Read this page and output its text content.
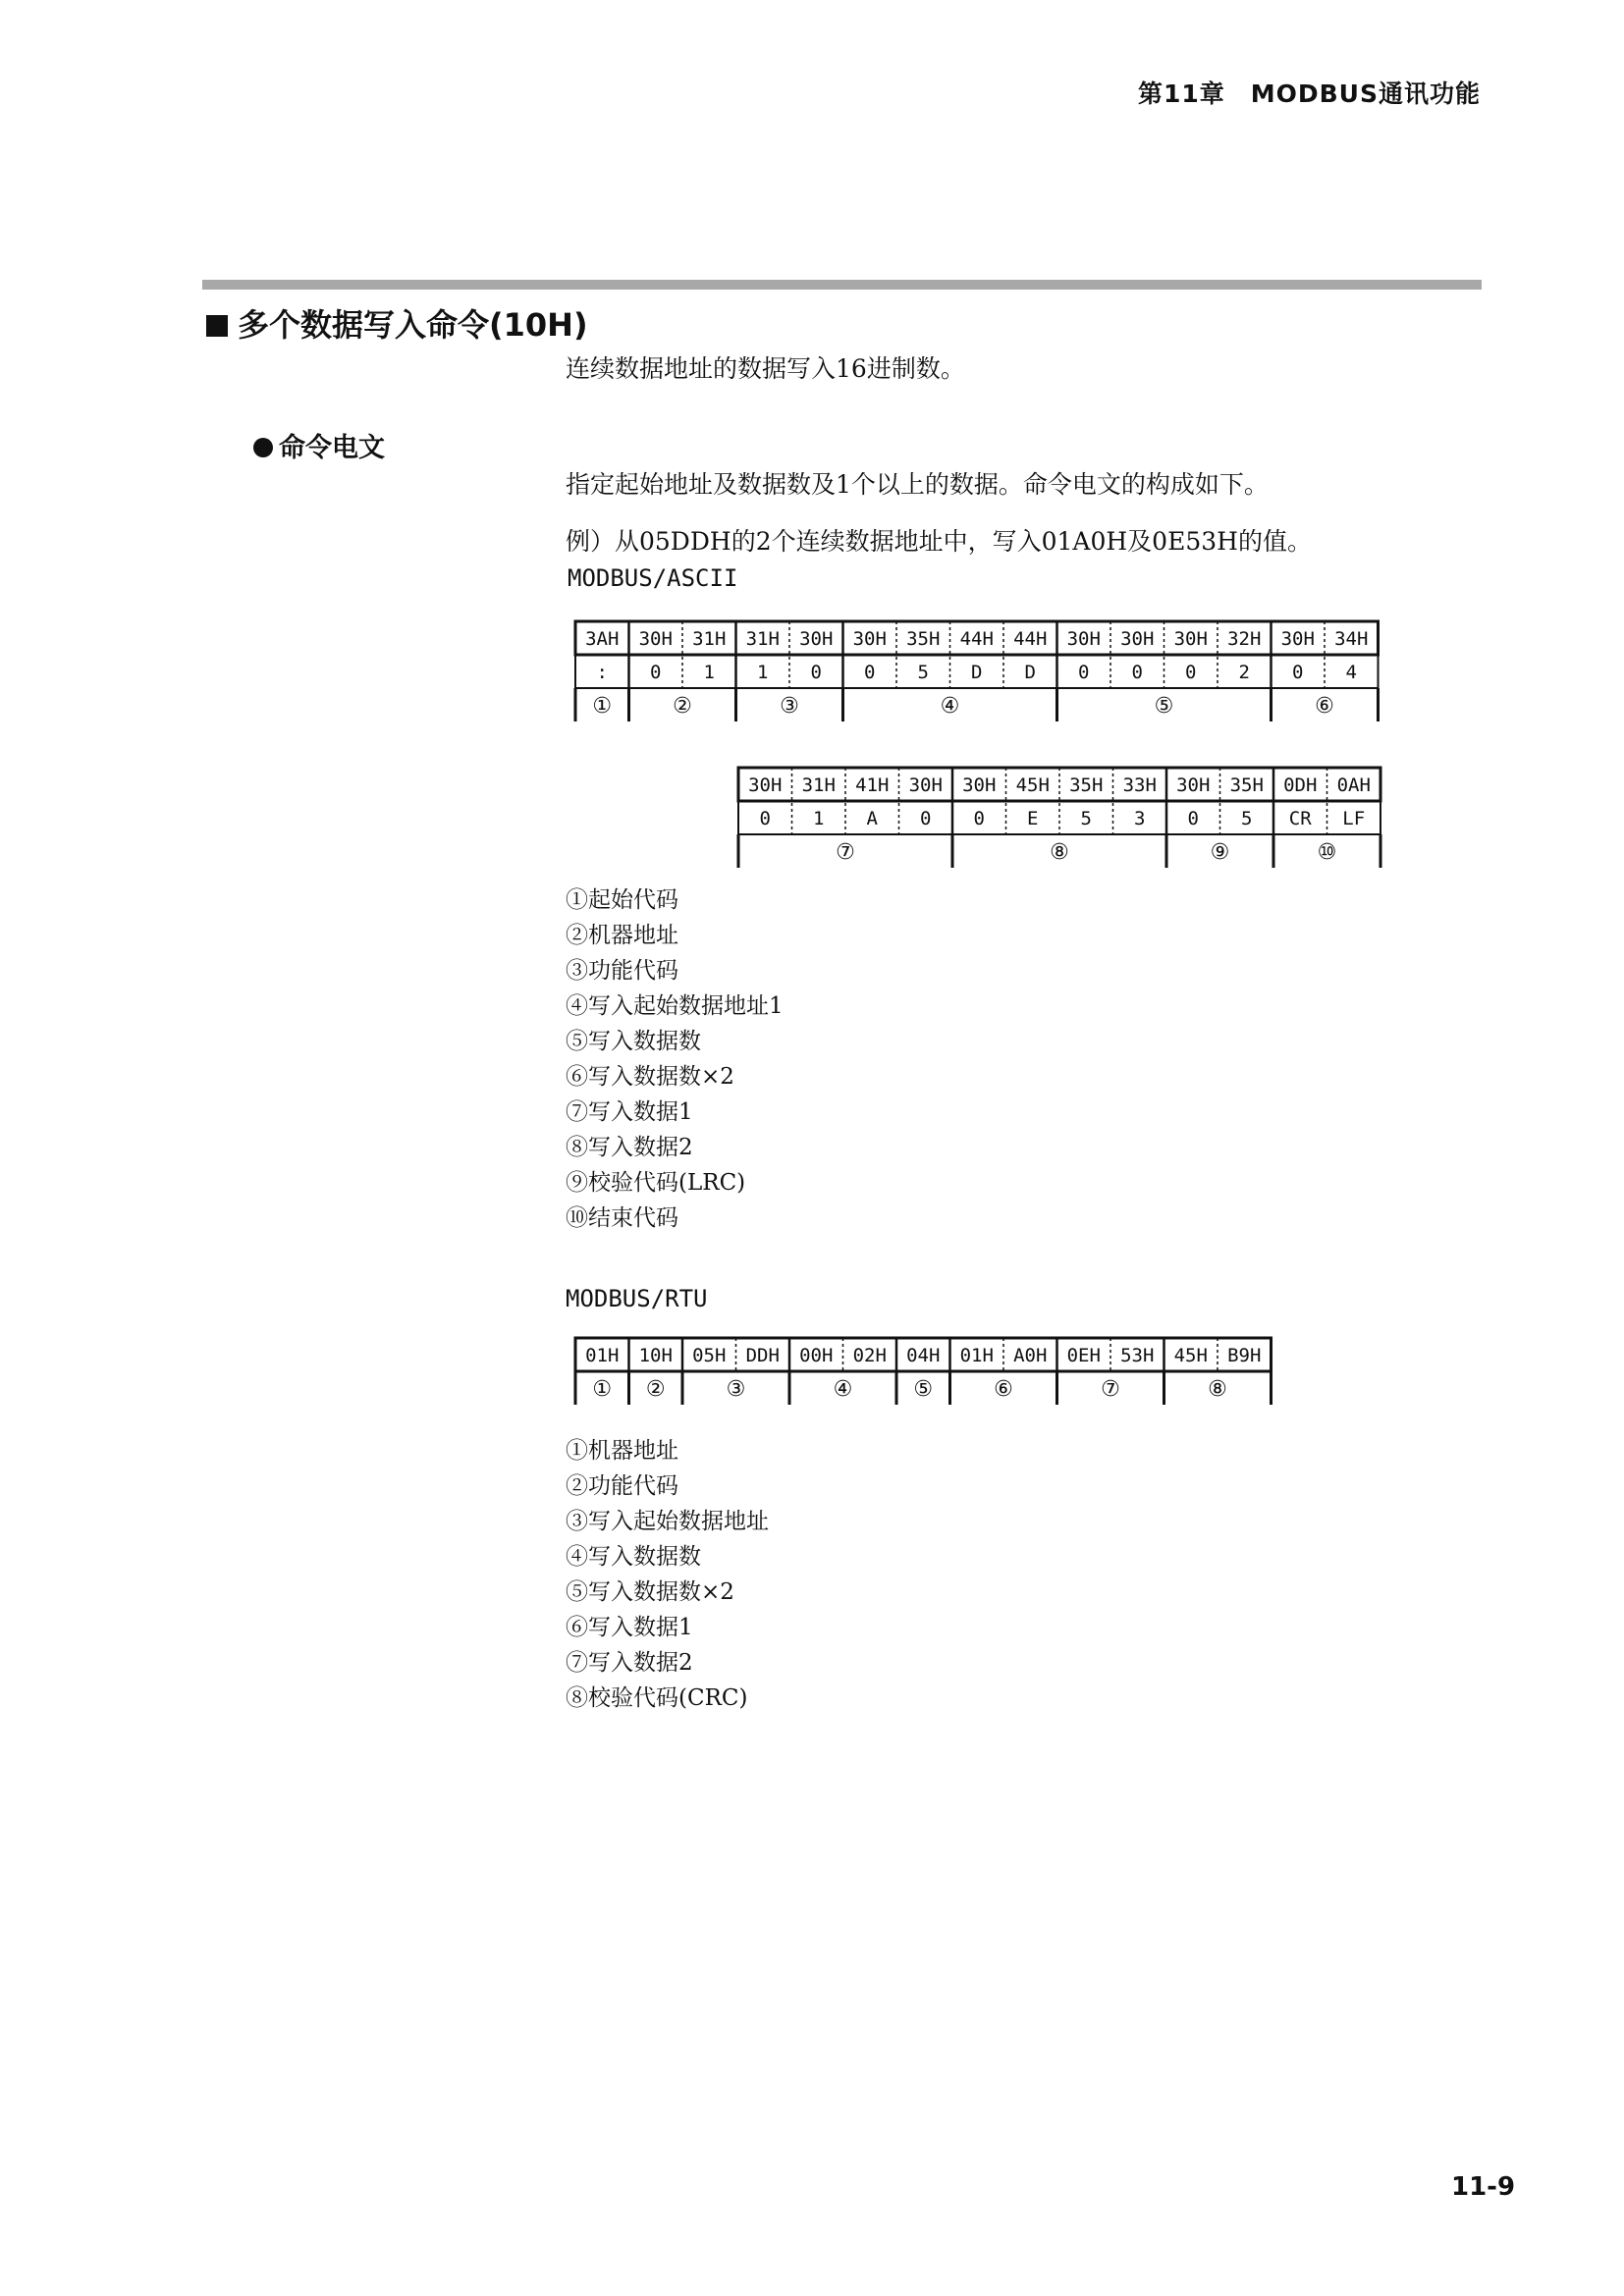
第11章　MODBUS通讯功能
多个数据写入命令(10H)
连续数据地址的数据写入16进制数。
命令电文
指定起始地址及数据数及1个以上的数据。命令电文的构成如下。
例）从05DDH的2个连续数据地址中，写入01A0H及0E53H的值。
MODBUS/ASCII
3AH 30H 31H 31H 30H 30H 35H 44H 44H 30H 30H 30H 32H 30H 34H
: 0 1 1 0 0 5 D D 0 0 0 2 0 4
①	②	③	④	⑤	⑥
30H 31H 41H 30H 30H 45H 35H 33H 30H 35H 0DH 0AH
0 1 A 0 0 E 5 3 0 5 CR LF
⑦	⑧	⑨	⑩
①起始代码
②机器地址
③功能代码
④写入起始数据地址1
⑤写入数据数
⑥写入数据数×2
⑦写入数据1
⑧写入数据2
⑨校验代码(LRC)
⑩结束代码
MODBUS/RTU
01H 10H 05H DDH 00H 02H 04H 01H A0H 0EH 53H 45H B9H
① ②	③	④	⑤	⑥	⑦	⑧
①机器地址
②功能代码
③写入起始数据地址
④写入数据数
⑤写入数据数×2
⑥写入数据1
⑦写入数据2
⑧校验代码(CRC)
11-9
